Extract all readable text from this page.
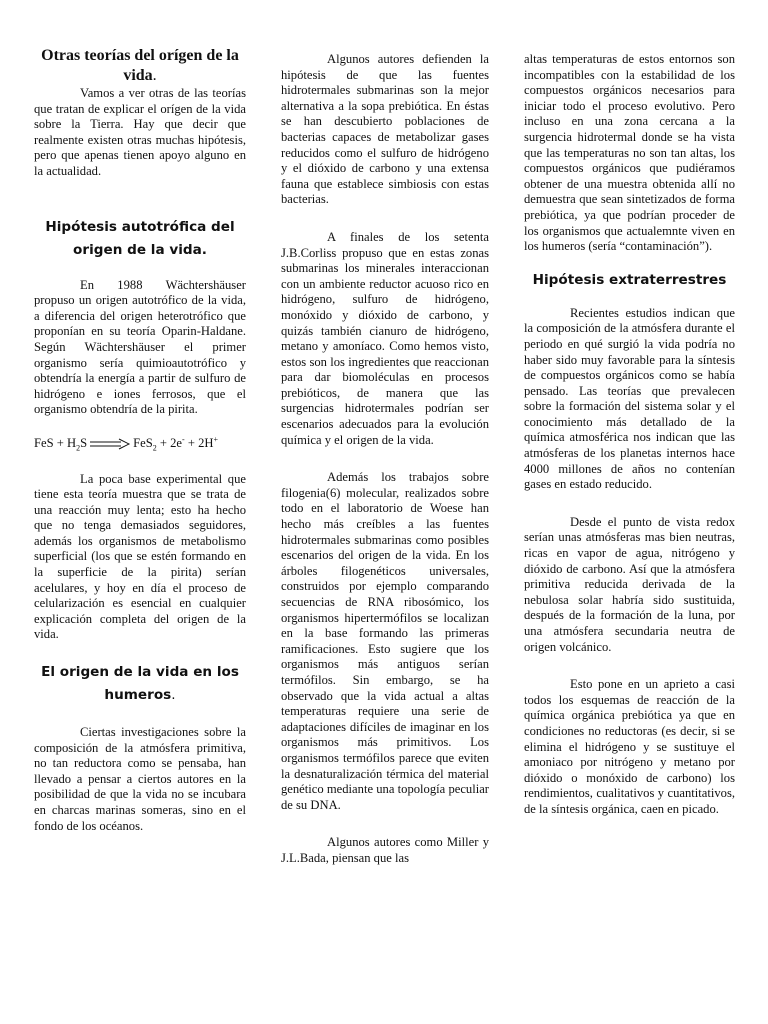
Otras teorías del orígen de la vida.

Vamos a ver otras de las teorías que tratan de explicar el orígen de la vida sobre la Tierra. Hay que decir que realmente existen otras muchas hipótesis, pero que apenas tienen apoyo alguno en la actualidad.

Hipótesis autotrófica del origen de la vida.

En 1988 Wächtershäuser propuso un origen autotrófico de la vida, a diferencia del origen heterotrófico que proponían en su teoría Oparin-Haldane. Según Wächtershäuser el primer organismo sería quimioautotrófico y obtendría la energía a partir de sulfuro de hidrógeno e iones ferrosos, que el organismo obtendría de la pirita.

FeS + $H_2S$	FeS$_2$ + 2e- + 2H+

La poca base experimental que tiene esta teoría muestra que se trata de una reacción muy lenta; esto ha hecho que no tenga demasiados seguidores, además los organismos de metabolismo superficial (los que se estén formando en la superficie de la pirita) serían acelulares, y hoy en día el proceso de celularización es esencial en cualquier explicación completa del origen de la vida.

El origen de la vida en los humeros.

Ciertas investigaciones sobre la composición de la atmósfera primitiva, no tan reductora como se pensaba, han llevado a pensar a ciertos autores en la posibilidad de que la vida no se incubara en charcas marinas someras, sino en el fondo de los océanos.

Algunos autores defienden la hipótesis de que las fuentes hidrotermales submarinas son la mejor alternativa a la sopa prebiótica. En éstas se han descubierto poblaciones de bacterias capaces de metabolizar gases reducidos como el sulfuro de hidrógeno y el dióxido de carbono y una extensa fauna que establece simbiosis con estas bacterias.

A finales de los setenta J.B.Corliss propuso que en estas zonas submarinas los minerales interaccionan con un ambiente reductor acuoso rico en hidrógeno, sulfuro de hidrógeno, monóxido y dióxido de carbono, y quizás también cianuro de hidrógeno, metano y amoníaco. Como hemos visto, estos son los ingredientes que reaccionan para dar biomoléculas en procesos prebióticos, de manera que las surgencias hidrotermales podrían ser escenarios adecuados para la evolución química y el origen de la vida.

Además los trabajos sobre filogenia(6) molecular, realizados sobre todo en el laboratorio de Woese han hecho más creíbles a las fuentes hidrotermales submarinas como posibles escenarios del origen de la vida. En los árboles filogenéticos universales, construidos por ejemplo comparando secuencias de RNA ribosómico, los organismos hipertermófilos se localizan en la base formando las primeras ramificaciones. Esto sugiere que los organismos más antiguos serían termófilos. Sin embargo, se ha observado que la vida actual a altas temperaturas requiere una serie de adaptaciones difíciles de imaginar en los organismos más primitivos. Los organismos termófilos parece que eviten la desnaturalización térmica del material genético mediante una topología peculiar de su DNA.

Algunos autores como Miller y J.L.Bada, piensan que las

altas temperaturas de estos entornos son incompatibles con la estabilidad de los compuestos orgánicos necesarios para iniciar todo el proceso evolutivo. Pero incluso en una zona cercana a la surgencia hidrotermal donde se ha vista que las temperaturas no son tan altas, los compuestos orgánicos que pudiéramos obtener de una muestra obtenida allí no demuestra que sean sintetizados de forma prebiótica, ya que podrían proceder de los organismos que actualemnte viven en los humeros (sería “contaminación”).

Hipótesis extraterrestres

Recientes estudios indican que la composición de la atmósfera durante el periodo en qué surgió la vida podría no haber sido muy favorable para la síntesis de compuestos orgánicos como se había pensado. Las teorías que prevalecen sobre la formación del sistema solar y el conocimiento más detallado de la química atmosférica nos indican que las atmósferas de los planetas internos hace 4000 millones de años no contenían gases en estado reducido.

Desde el punto de vista redox serían unas atmósferas mas bien neutras, ricas en vapor de agua, nitrógeno y dióxido de carbono. Así que la atmósfera primitiva reducida derivada de la nebulosa solar habría sido sustituida, después de la formación de la luna, por una atmósfera secundaria neutra de origen volcánico.

Esto pone en un aprieto a casi todos los esquemas de reacción de la química orgánica prebiótica ya que en condiciones no reductoras (es decir, si se elimina el hidrógeno y se sustituye el amoniaco por nitrógeno y metano por dióxido o monóxido de carbono) los rendimientos, cualitativos y cuantitativos, de la síntesis orgánica, caen en picado.
